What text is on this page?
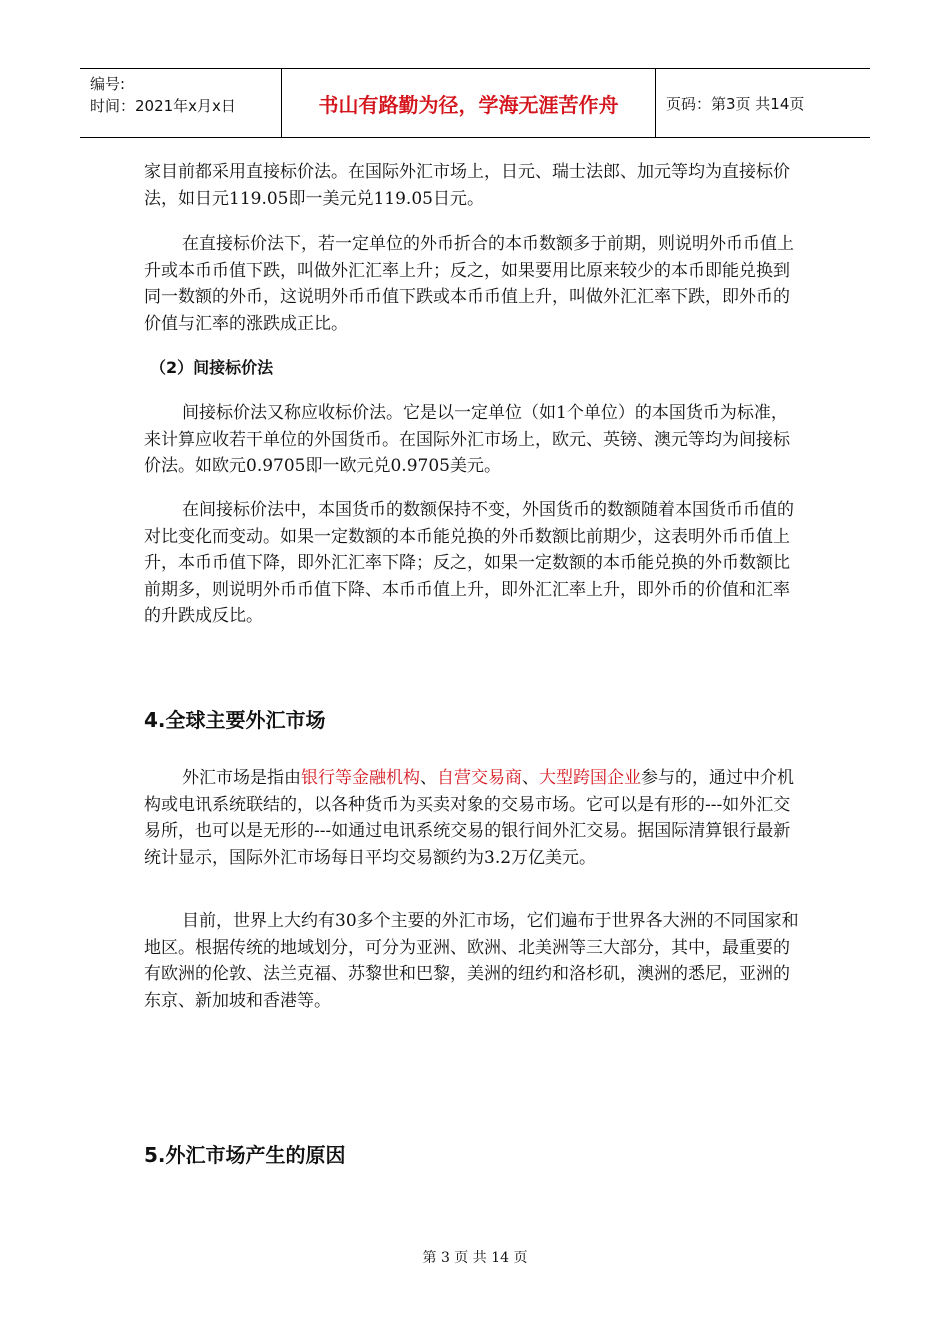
编号:
时间：2021年x月x日	书山有路勤为径，学海无涯苦作舟	页码：第3页 共14页

家目前都采用直接标价法。在国际外汇市场上，日元、瑞士法郎、加元等均为直接标价法，如日元119.05即一美元兑119.05日元。

在直接标价法下，若一定单位的外币折合的本币数额多于前期，则说明外币币值上升或本币币值下跌，叫做外汇汇率上升；反之，如果要用比原来较少的本币即能兑换到同一数额的外币，这说明外币币值下跌或本币币值上升，叫做外汇汇率下跌，即外币的价值与汇率的涨跌成正比。

（2）间接标价法

间接标价法又称应收标价法。它是以一定单位（如1个单位）的本国货币为标准，来计算应收若干单位的外国货币。在国际外汇市场上，欧元、英镑、澳元等均为间接标价法。如欧元0.9705即一欧元兑0.9705美元。

在间接标价法中，本国货币的数额保持不变，外国货币的数额随着本国货币币值的对比变化而变动。如果一定数额的本币能兑换的外币数额比前期少，这表明外币币值上升，本币币值下降，即外汇汇率下降；反之，如果一定数额的本币能兑换的外币数额比前期多，则说明外币币值下降、本币币值上升，即外汇汇率上升，即外币的价值和汇率的升跌成反比。

4.全球主要外汇市场

外汇市场是指由银行等金融机构、自营交易商、大型跨国企业参与的，通过中介机构或电讯系统联结的，以各种货币为买卖对象的交易市场。它可以是有形的---如外汇交易所，也可以是无形的---如通过电讯系统交易的银行间外汇交易。据国际清算银行最新统计显示，国际外汇市场每日平均交易额约为3.2万亿美元。

目前，世界上大约有30多个主要的外汇市场，它们遍布于世界各大洲的不同国家和地区。根据传统的地域划分，可分为亚洲、欧洲、北美洲等三大部分，其中，最重要的有欧洲的伦敦、法兰克福、苏黎世和巴黎，美洲的纽约和洛杉矶，澳洲的悉尼，亚洲的东京、新加坡和香港等。

5.外汇市场产生的原因

第 3 页 共 14 页
